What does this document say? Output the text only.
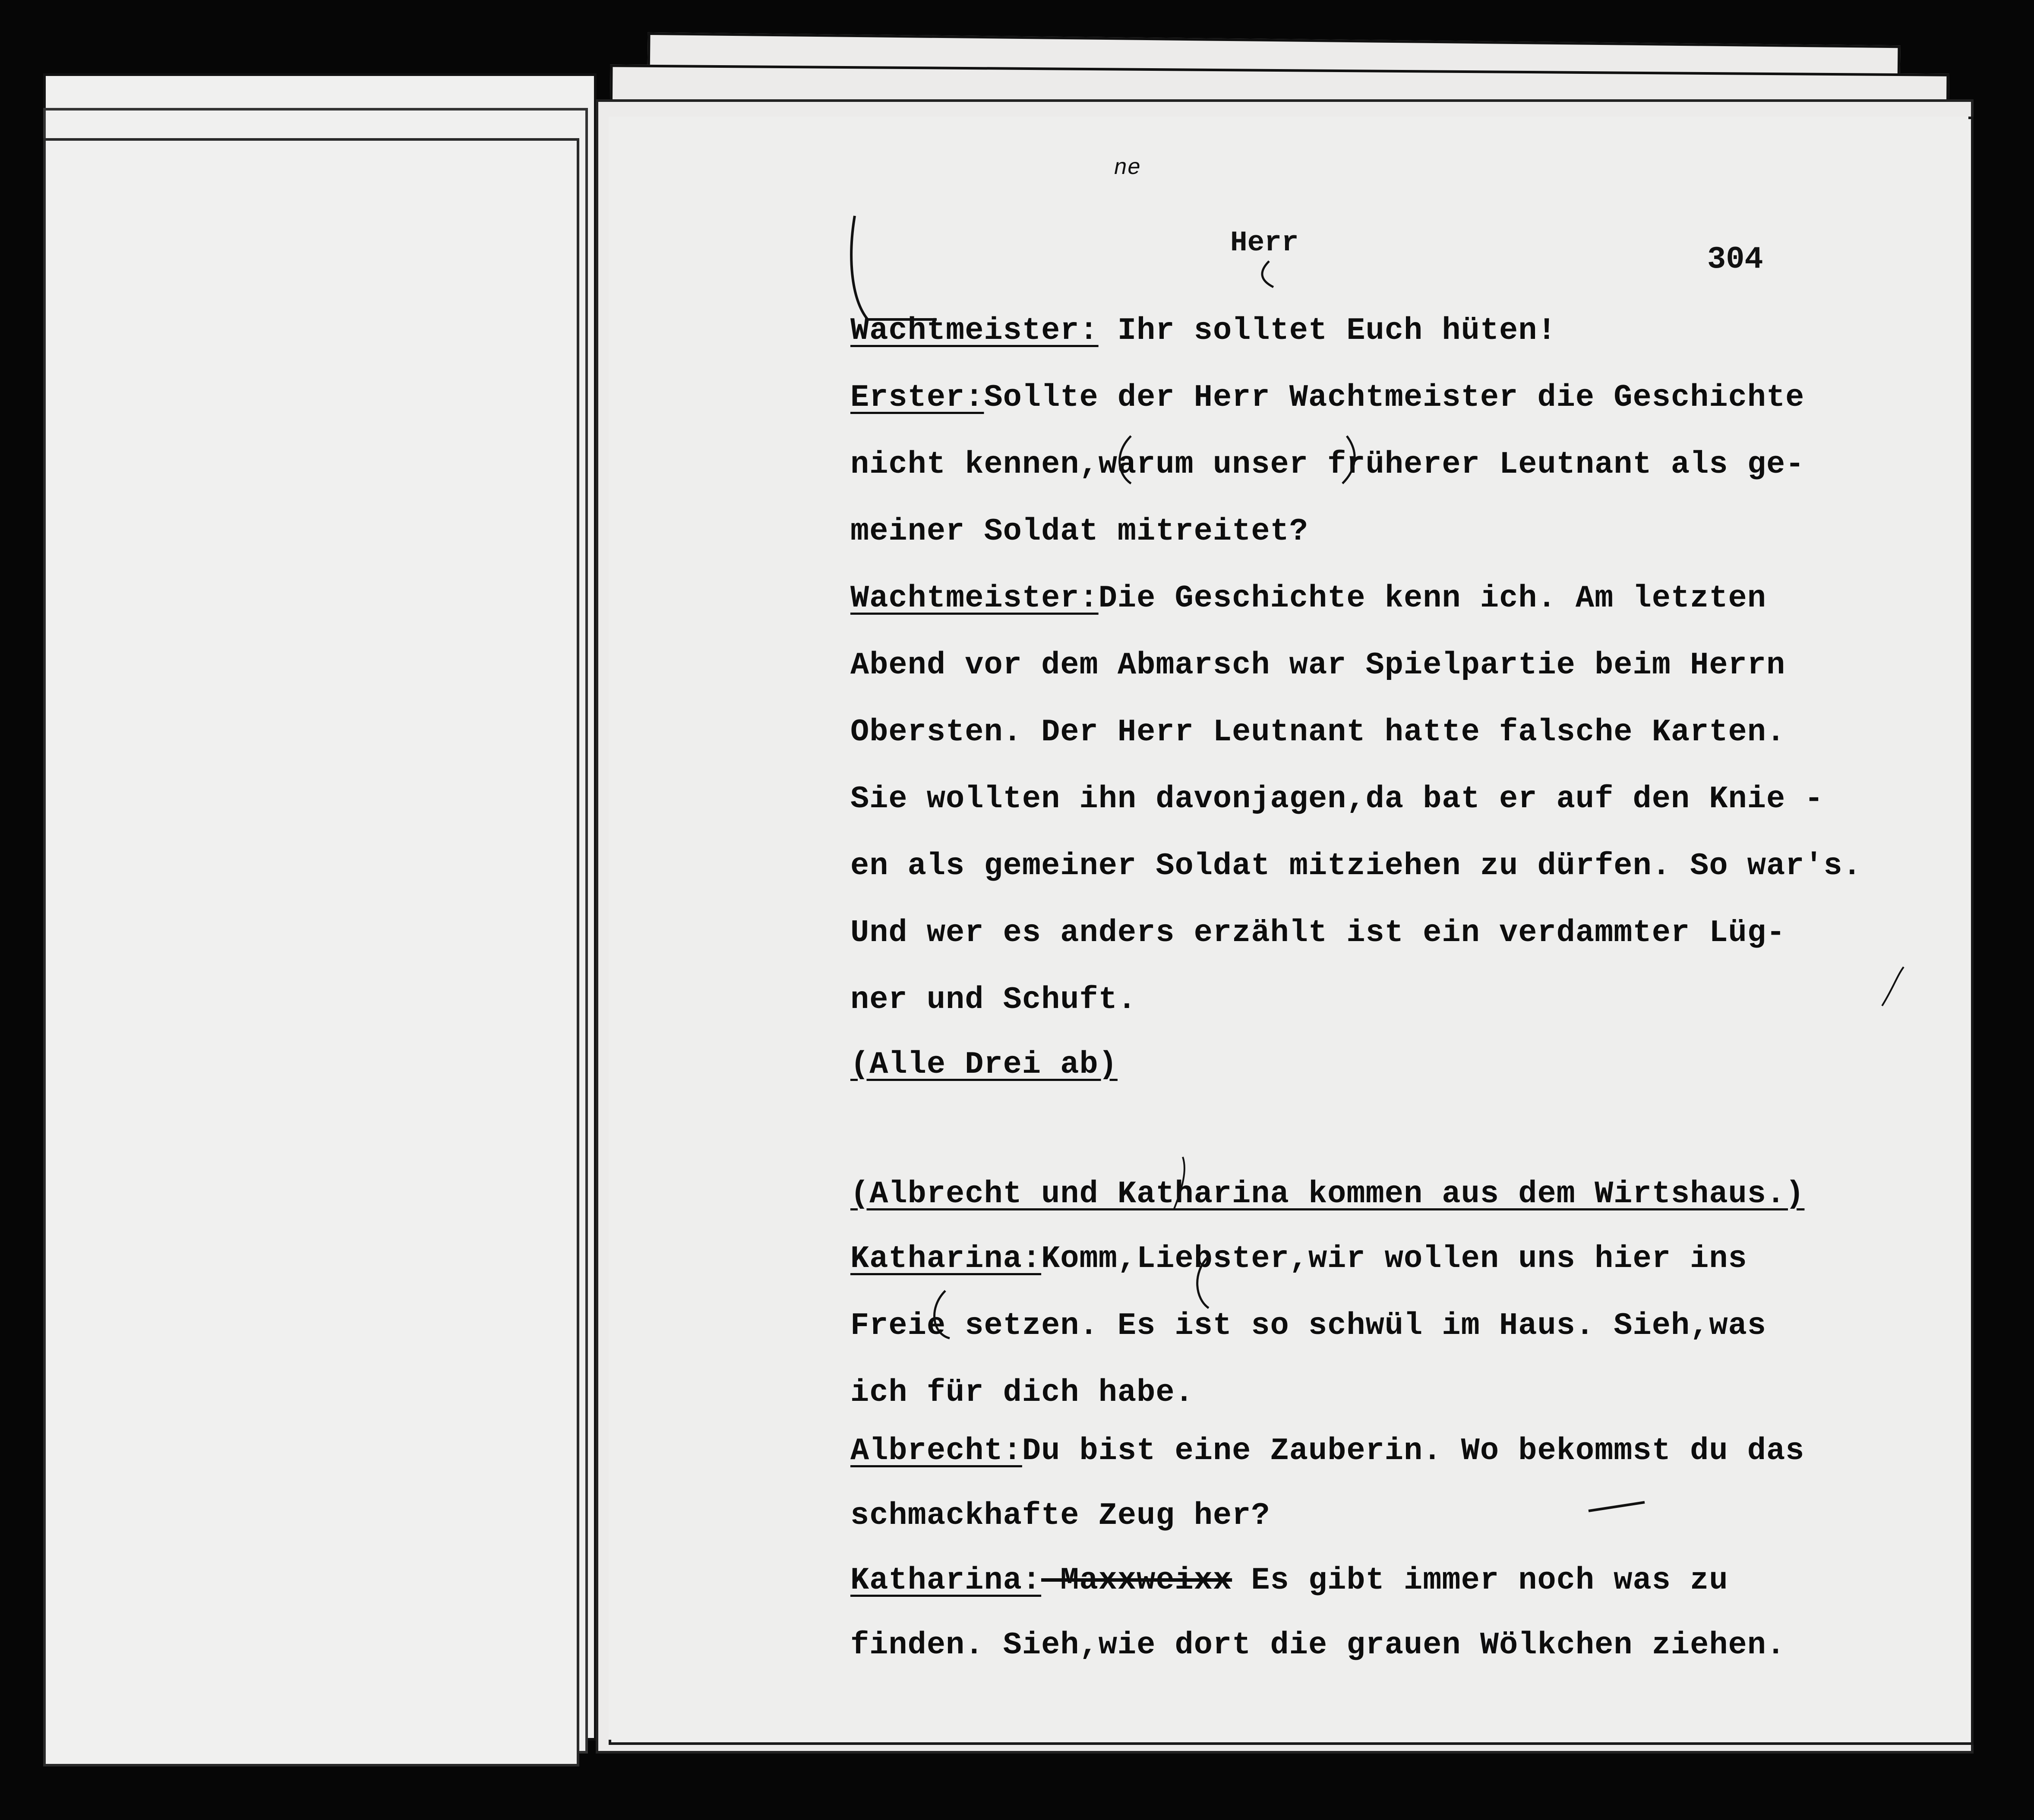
304
Wachtmeister: Ihr solltet Euch hüten!
Erster:Sollte der Herr Wachtmeister die Geschichte
nicht kennen,warum unser früherer Leutnant als ge-
meiner Soldat mitreitet?
Wachtmeister:Die Geschichte kenn ich. Am letzten
Abend vor dem Abmarsch war Spielpartie beim Herrn
Obersten. Der Herr Leutnant hatte falsche Karten.
Sie wollten ihn davonjagen,da bat er auf den Knie -
en als gemeiner Soldat mitziehen zu dürfen. So war's.
Und wer es anders erzählt ist ein verdammter Lüg-
ner und Schuft.
(Alle Drei ab)
(Albrecht und Katharina kommen aus dem Wirtshaus.)
Katharina:Komm,Liebster,wir wollen uns hier ins
Freie setzen. Es ist so schwül im Haus. Sieh,was
ich für dich habe.
Albrecht:Du bist eine Zauberin. Wo bekommst du das
schmackhafte Zeug her?
Katharina: Maxxweixx Es gibt immer noch was zu
finden. Sieh,wie dort die grauen Wölkchen ziehen.
Herr
ne
